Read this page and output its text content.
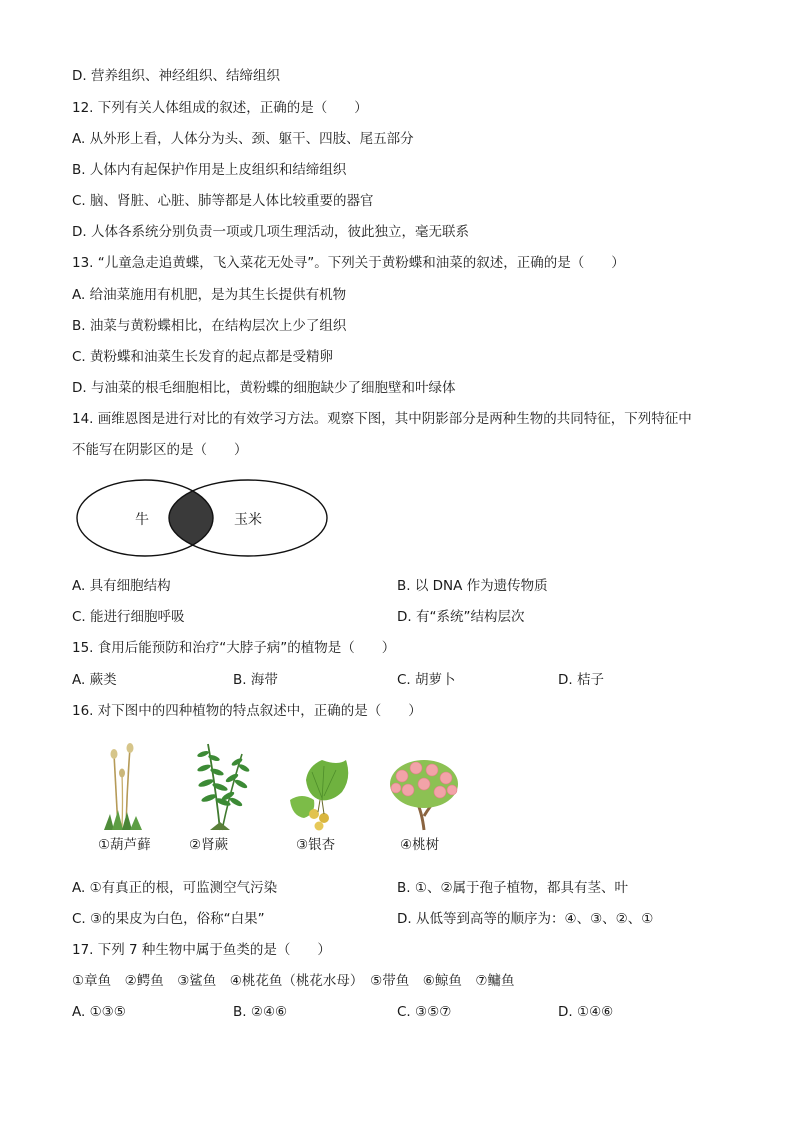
D. 营养组织、神经组织、结缔组织
12. 下列有关人体组成的叙述，正确的是（　　）
A. 从外形上看，人体分为头、颈、躯干、四肢、尾五部分
B. 人体内有起保护作用是上皮组织和结缔组织
C. 脑、肾脏、心脏、肺等都是人体比较重要的器官
D. 人体各系统分别负责一项或几项生理活动，彼此独立，毫无联系
13. “儿童急走追黄蝶，飞入菜花无处寻”。下列关于黄粉蝶和油菜的叙述，正确的是（　　）
A. 给油菜施用有机肥，是为其生长提供有机物
B. 油菜与黄粉蝶相比，在结构层次上少了组织
C. 黄粉蝶和油菜生长发育的起点都是受精卵
D. 与油菜的根毛细胞相比，黄粉蝶的细胞缺少了细胞壁和叶绿体
14. 画维恩图是进行对比的有效学习方法。观察下图，其中阴影部分是两种生物的共同特征，下列特征中
不能写在阴影区的是（　　）
牛	玉米
A. 具有细胞结构	B. 以 DNA 作为遗传物质
C. 能进行细胞呼吸	D. 有“系统”结构层次
15. 食用后能预防和治疗“大脖子病”的植物是（　　）
A. 蕨类	B. 海带	C. 胡萝卜	D. 桔子
16. 对下图中的四种植物的特点叙述中，正确的是（　　）
①葫芦藓	②肾蕨	③银杏	④桃树
A. ①有真正的根，可监测空气污染	B. ①、②属于孢子植物，都具有茎、叶
C. ③的果皮为白色，俗称“白果”	D. 从低等到高等的顺序为：④、③、②、①
17. 下列 7 种生物中属于鱼类的是（　　）
①章鱼　②鳄鱼　③鲨鱼　④桃花鱼（桃花水母）　⑤带鱼　⑥鲸鱼　⑦鳙鱼
A. ①③⑤	B. ②④⑥	C. ③⑤⑦	D. ①④⑥
